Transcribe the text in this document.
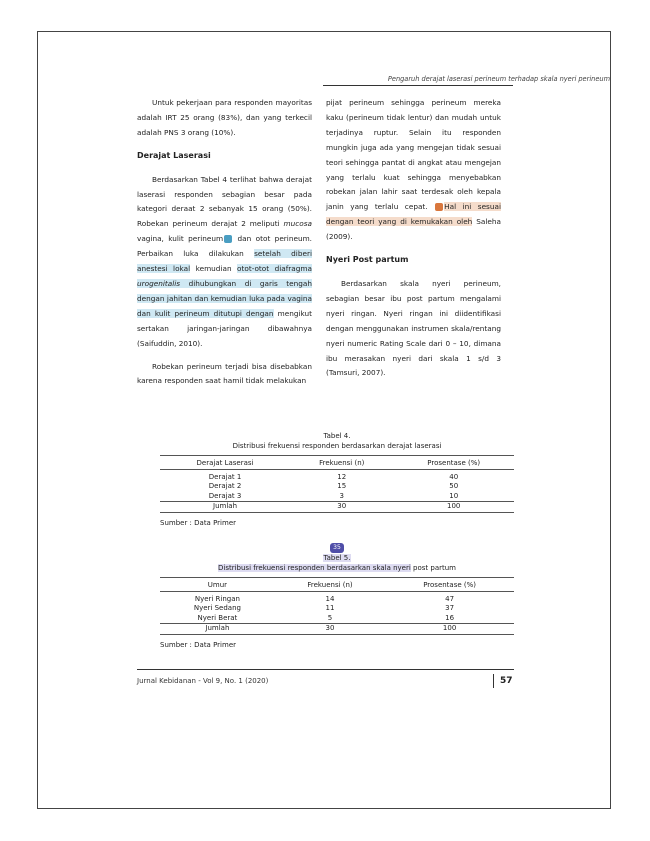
Pengaruh derajat laserasi perineum terhadap skala nyeri perineum

Untuk pekerjaan para responden mayoritas adalah IRT 25 orang (83%), dan yang terkecil adalah PNS 3 orang (10%).

Derajat Laserasi

Berdasarkan Tabel 4 terlihat bahwa derajat laserasi responden sebagian besar pada kategori deraat 2 sebanyak 15 orang (50%). Robekan perineum derajat 2 meliputi mucosa vagina, kulit perineum dan otot perineum. Perbaikan luka dilakukan setelah diberi anestesi lokal kemudian otot-otot diafragma urogenitalis dihubungkan di garis tengah dengan jahitan dan kemudian luka pada vagina dan kulit perineum ditutupi dengan mengikut sertakan jaringan-jaringan dibawahnya (Saifuddin, 2010).

Robekan perineum terjadi bisa disebabkan karena responden saat hamil tidak melakukan

pijat perineum sehingga perineum mereka kaku (perineum tidak lentur) dan mudah untuk terjadinya ruptur. Selain itu responden mungkin juga ada yang mengejan tidak sesuai teori sehingga pantat di angkat atau mengejan yang terlalu kuat sehingga menyebabkan robekan jalan lahir saat terdesak oleh kepala janin yang terlalu cepat. Hal ini sesuai dengan teori yang di kemukakan oleh Saleha (2009).

Nyeri Post partum

Berdasarkan skala nyeri perineum, sebagian besar ibu post partum mengalami nyeri ringan. Nyeri ringan ini diidentifikasi dengan menggunakan instrumen skala/rentang nyeri numeric Rating Scale dari 0 – 10, dimana ibu merasakan nyeri dari skala 1 s/d 3 (Tamsuri, 2007).

Tabel 4.
Distribusi frekuensi responden berdasarkan derajat laserasi
Derajat Laserasi	Frekuensi (n)	Prosentase (%)

Derajat 1	12	40
Derajat 2	15	50
Derajat 3	3	10
Jumlah	30	100
Sumber : Data Primer
35
Tabel 5.
Distribusi frekuensi responden berdasarkan skala nyeri post partum
Umur	Frekuensi (n)	Prosentase (%)

Nyeri Ringan	14	47
Nyeri Sedang	11	37
Nyeri Berat	5	16
Jumlah	30	100
Sumber : Data Primer
Jurnal Kebidanan - Vol 9, No. 1 (2020)	57
